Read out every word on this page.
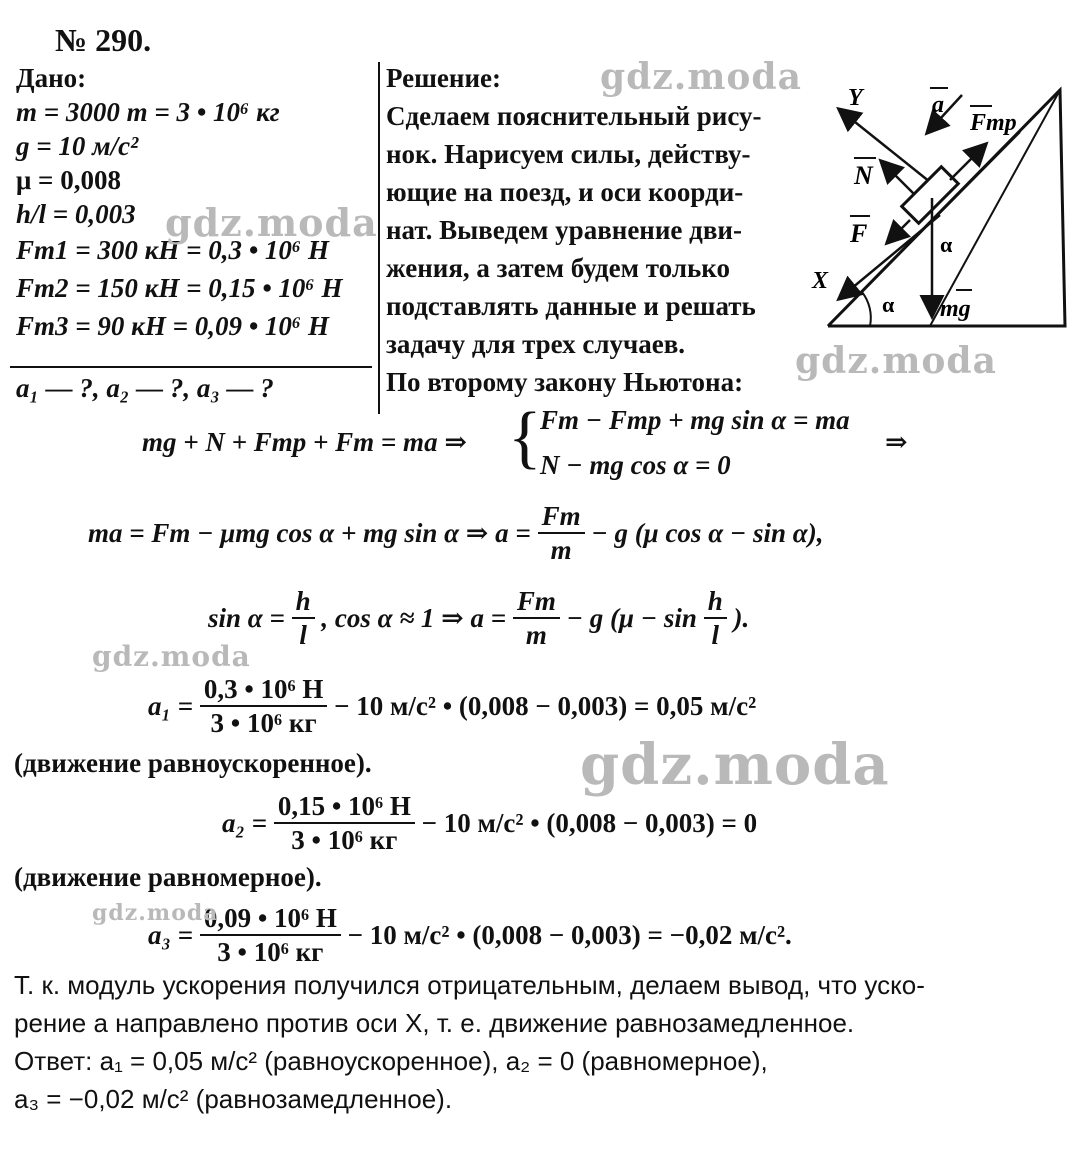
№ 290.
Дано:
m = 3000 т = 3 • 10⁶ кг
g = 10 м/с²
μ = 0,008
h/l = 0,003
Fт1 = 300 кН = 0,3 • 10⁶ Н
Fт2 = 150 кН = 0,15 • 10⁶ Н
Fт3 = 90 кН = 0,09 • 10⁶ Н
a₁ — ?, a₂ — ?, a₃ — ?
Решение:
Сделаем пояснительный рису-
нок. Нарисуем силы, действу-
ющие на поезд, и оси коорди-
нат. Выведем уравнение дви-
жения, а затем будем только
подставлять данные и решать
задачу для трех случаев.
По второму закону Ньютона:
Y	a
Fтр
N
F
X
α
α mg
mg + N + Fтр + Fт = ma ⇒ {
Fт − Fтр + mg sin α = ma
N − mg cos α = 0
⇒
ma = Fт − μmg cos α + mg sin α ⇒ $a = \frac{Fт}{m} - g$ (μ cos α − sin α),
$\sin \alpha = \frac{h}{l}$ , cos α ≈ 1 ⇒ $a = \frac{Fт}{m} - g$ ($\mu - \sin \frac{h}{l}$ ).
$a_1 = \frac{\text{0,3 • 10⁶ Н}}{\text{3 • 10⁶ кг}} - 10$ м/с² • (0,008 − 0,003) = 0,05 м/с²
(движение равноускоренное).
$a_2 = \frac{\text{0,15 • 10⁶ Н}}{\text{3 • 10⁶ кг}} - 10$ м/с² • (0,008 − 0,003) = 0
(движение равномерное).
$a_3 = \frac{\text{0,09 • 10⁶ Н}}{\text{3 • 10⁶ кг}} - 10$ м/с² • (0,008 − 0,003) = −0,02 м/с².
Т. к. модуль ускорения получился отрицательным, делаем вывод, что уско-
рение a направлено против оси X, т. е. движение равнозамедленное.
Ответ: a₁ = 0,05 м/с² (равноускоренное), a₂ = 0 (равномерное),
a₃ = −0,02 м/с² (равнозамедленное).
gdz.moda
gdz.moda
gdz.moda
gdz.moda
gdz.moda
gdz.moda
